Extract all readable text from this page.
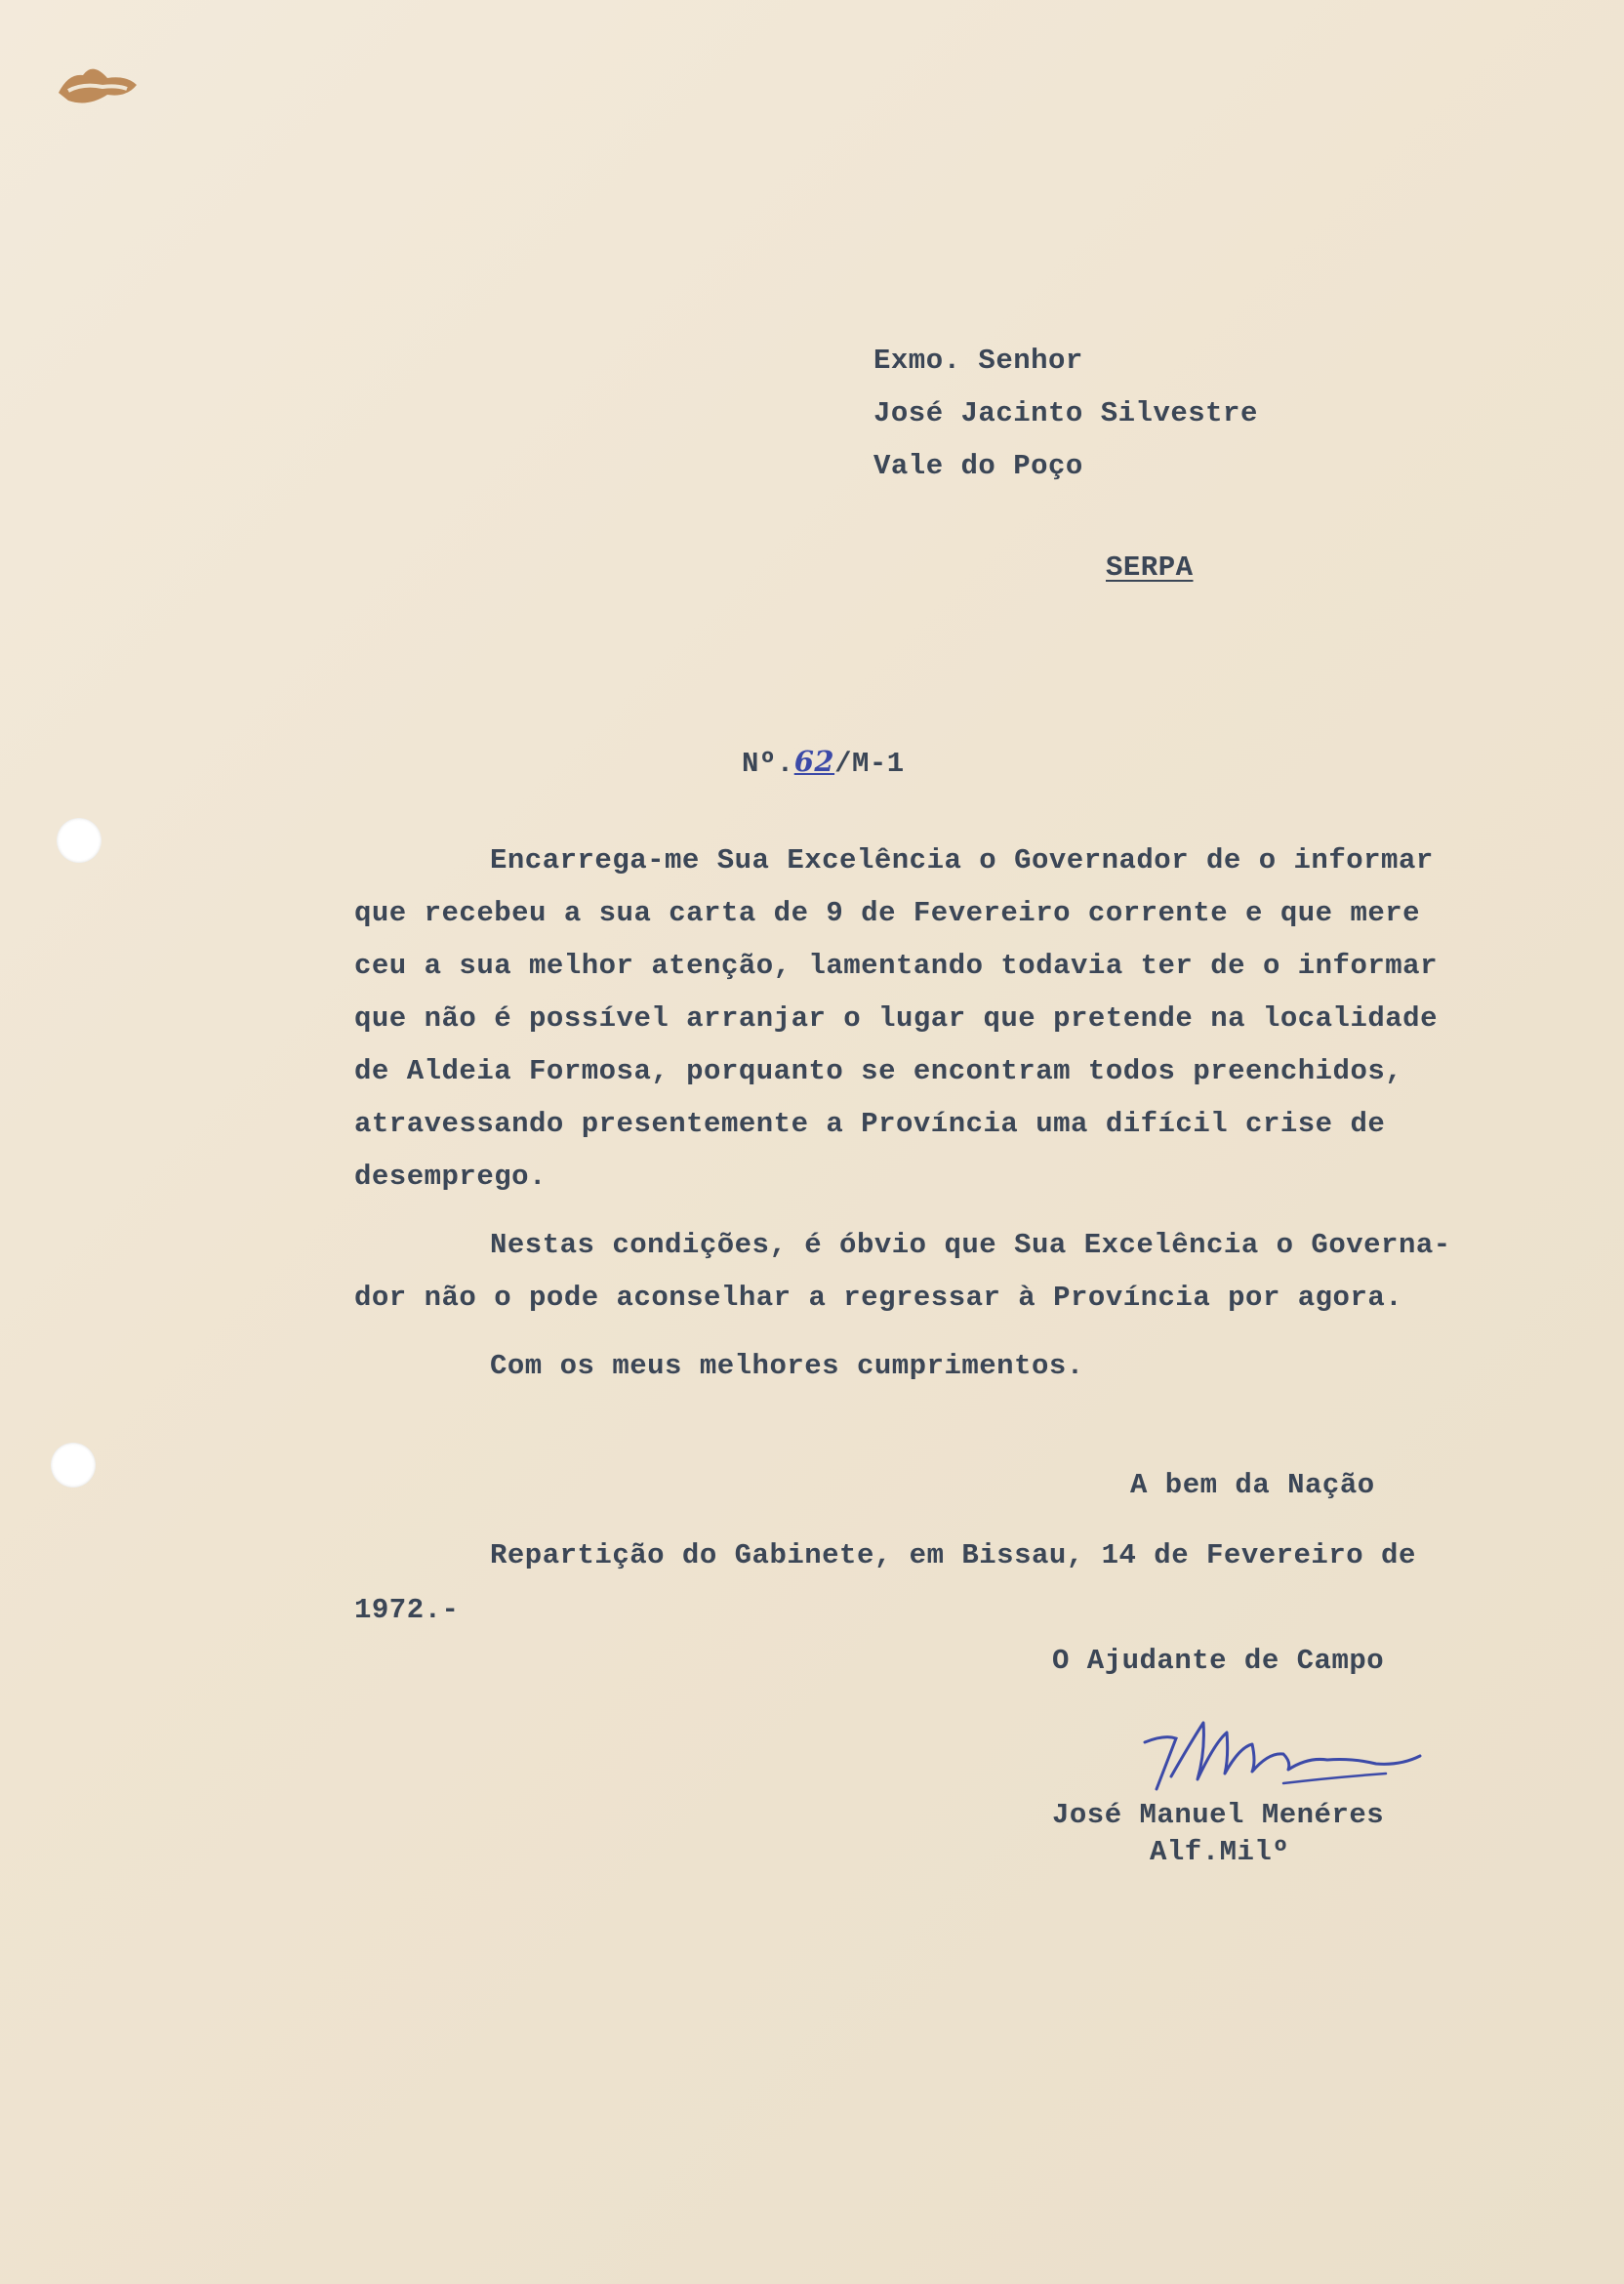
Exmo. Senhor
José Jacinto Silvestre
Vale do Poço
SERPA
Nº.62/M-1
Encarrega-me Sua Excelência o Governador de o informar
que recebeu a sua carta de 9 de Fevereiro corrente e que mere
ceu a sua melhor atenção, lamentando todavia ter de o informar
que não é possível arranjar o lugar que pretende na localidade
de Aldeia Formosa, porquanto se encontram todos preenchidos,
atravessando presentemente a Província uma difícil crise de
desemprego.
Nestas condições, é óbvio que Sua Excelência o Governa-
dor não o pode aconselhar a regressar à Província por agora.
Com os meus melhores cumprimentos.
A bem da Nação
Repartição do Gabinete, em Bissau, 14 de Fevereiro de
1972.-
O Ajudante de Campo
José Manuel Menéres
Alf.Milº
